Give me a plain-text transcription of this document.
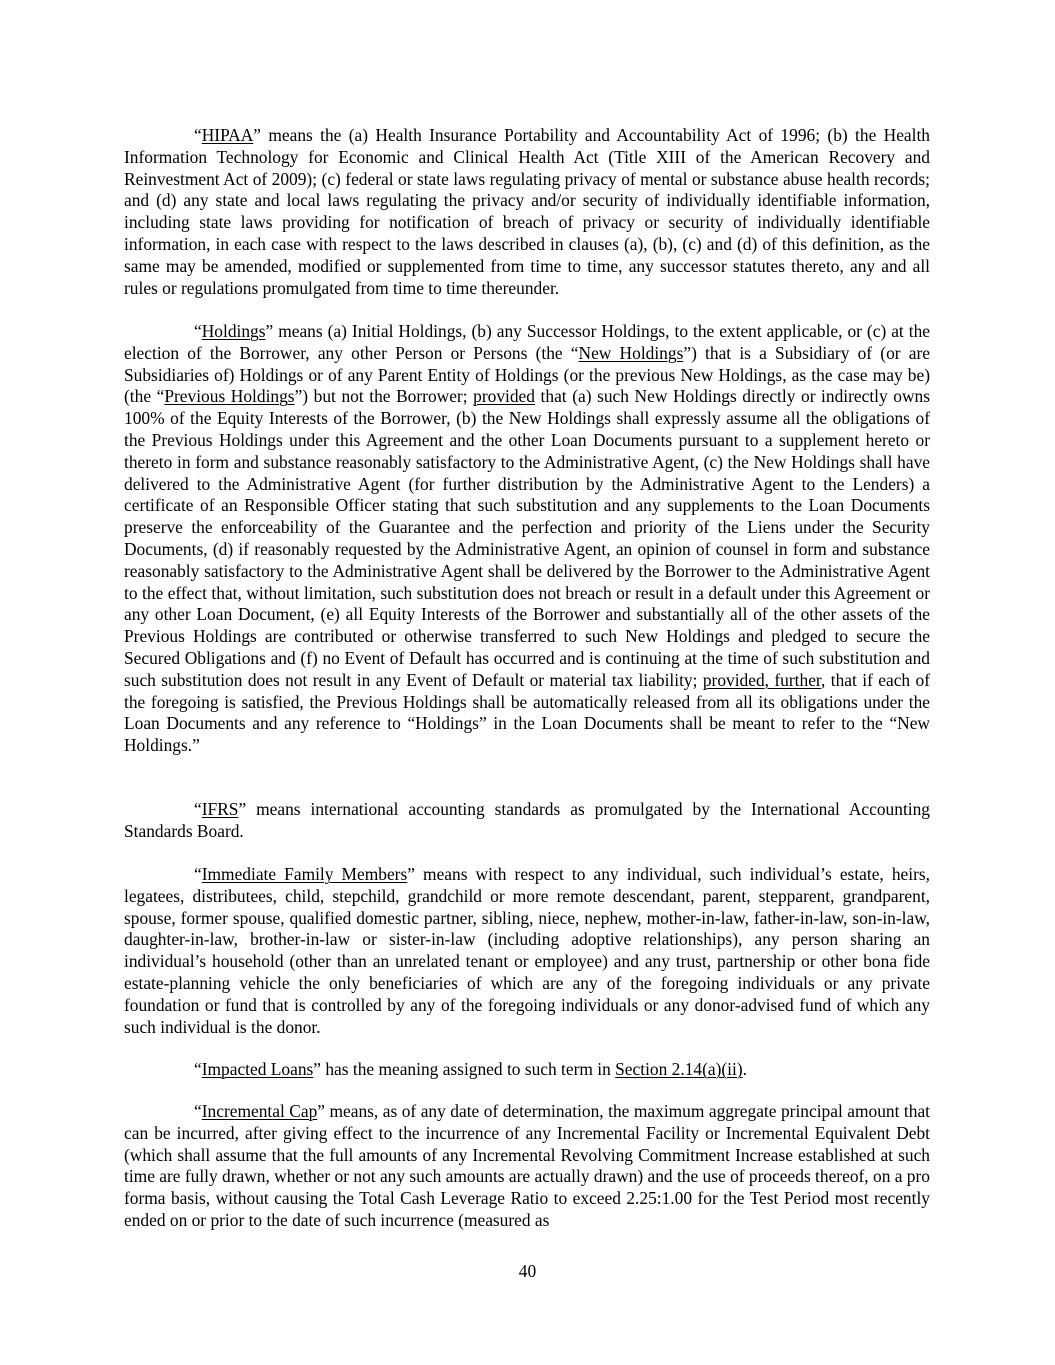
“HIPAA” means the (a) Health Insurance Portability and Accountability Act of 1996; (b) the Health Information Technology for Economic and Clinical Health Act (Title XIII of the American Recovery and Reinvestment Act of 2009); (c) federal or state laws regulating privacy of mental or substance abuse health records; and (d) any state and local laws regulating the privacy and/or security of individually identifiable information, including state laws providing for notification of breach of privacy or security of individually identifiable information, in each case with respect to the laws described in clauses (a), (b), (c) and (d) of this definition, as the same may be amended, modified or supplemented from time to time, any successor statutes thereto, any and all rules or regulations promulgated from time to time thereunder.

“Holdings” means (a) Initial Holdings, (b) any Successor Holdings, to the extent applicable, or (c) at the election of the Borrower, any other Person or Persons (the “New Holdings”) that is a Subsidiary of (or are Subsidiaries of) Holdings or of any Parent Entity of Holdings (or the previous New Holdings, as the case may be) (the “Previous Holdings”) but not the Borrower; provided that (a) such New Holdings directly or indirectly owns 100% of the Equity Interests of the Borrower, (b) the New Holdings shall expressly assume all the obligations of the Previous Holdings under this Agreement and the other Loan Documents pursuant to a supplement hereto or thereto in form and substance reasonably satisfactory to the Administrative Agent, (c) the New Holdings shall have delivered to the Administrative Agent (for further distribution by the Administrative Agent to the Lenders) a certificate of an Responsible Officer stating that such substitution and any supplements to the Loan Documents preserve the enforceability of the Guarantee and the perfection and priority of the Liens under the Security Documents, (d) if reasonably requested by the Administrative Agent, an opinion of counsel in form and substance reasonably satisfactory to the Administrative Agent shall be delivered by the Borrower to the Administrative Agent to the effect that, without limitation, such substitution does not breach or result in a default under this Agreement or any other Loan Document, (e) all Equity Interests of the Borrower and substantially all of the other assets of the Previous Holdings are contributed or otherwise transferred to such New Holdings and pledged to secure the Secured Obligations and (f) no Event of Default has occurred and is continuing at the time of such substitution and such substitution does not result in any Event of Default or material tax liability; provided, further, that if each of the foregoing is satisfied, the Previous Holdings shall be automatically released from all its obligations under the Loan Documents and any reference to “Holdings” in the Loan Documents shall be meant to refer to the “New Holdings.”

“IFRS” means international accounting standards as promulgated by the International Accounting Standards Board.

“Immediate Family Members” means with respect to any individual, such individual’s estate, heirs, legatees, distributees, child, stepchild, grandchild or more remote descendant, parent, stepparent, grandparent, spouse, former spouse, qualified domestic partner, sibling, niece, nephew, mother-in-law, father-in-law, son-in-law, daughter-in-law, brother-in-law or sister-in-law (including adoptive relationships), any person sharing an individual’s household (other than an unrelated tenant or employee) and any trust, partnership or other bona fide estate-planning vehicle the only beneficiaries of which are any of the foregoing individuals or any private foundation or fund that is controlled by any of the foregoing individuals or any donor-advised fund of which any such individual is the donor.

“Impacted Loans” has the meaning assigned to such term in Section 2.14(a)(ii).

“Incremental Cap” means, as of any date of determination, the maximum aggregate principal amount that can be incurred, after giving effect to the incurrence of any Incremental Facility or Incremental Equivalent Debt (which shall assume that the full amounts of any Incremental Revolving Commitment Increase established at such time are fully drawn, whether or not any such amounts are actually drawn) and the use of proceeds thereof, on a pro forma basis, without causing the Total Cash Leverage Ratio to exceed 2.25:1.00 for the Test Period most recently ended on or prior to the date of such incurrence (measured as

40
